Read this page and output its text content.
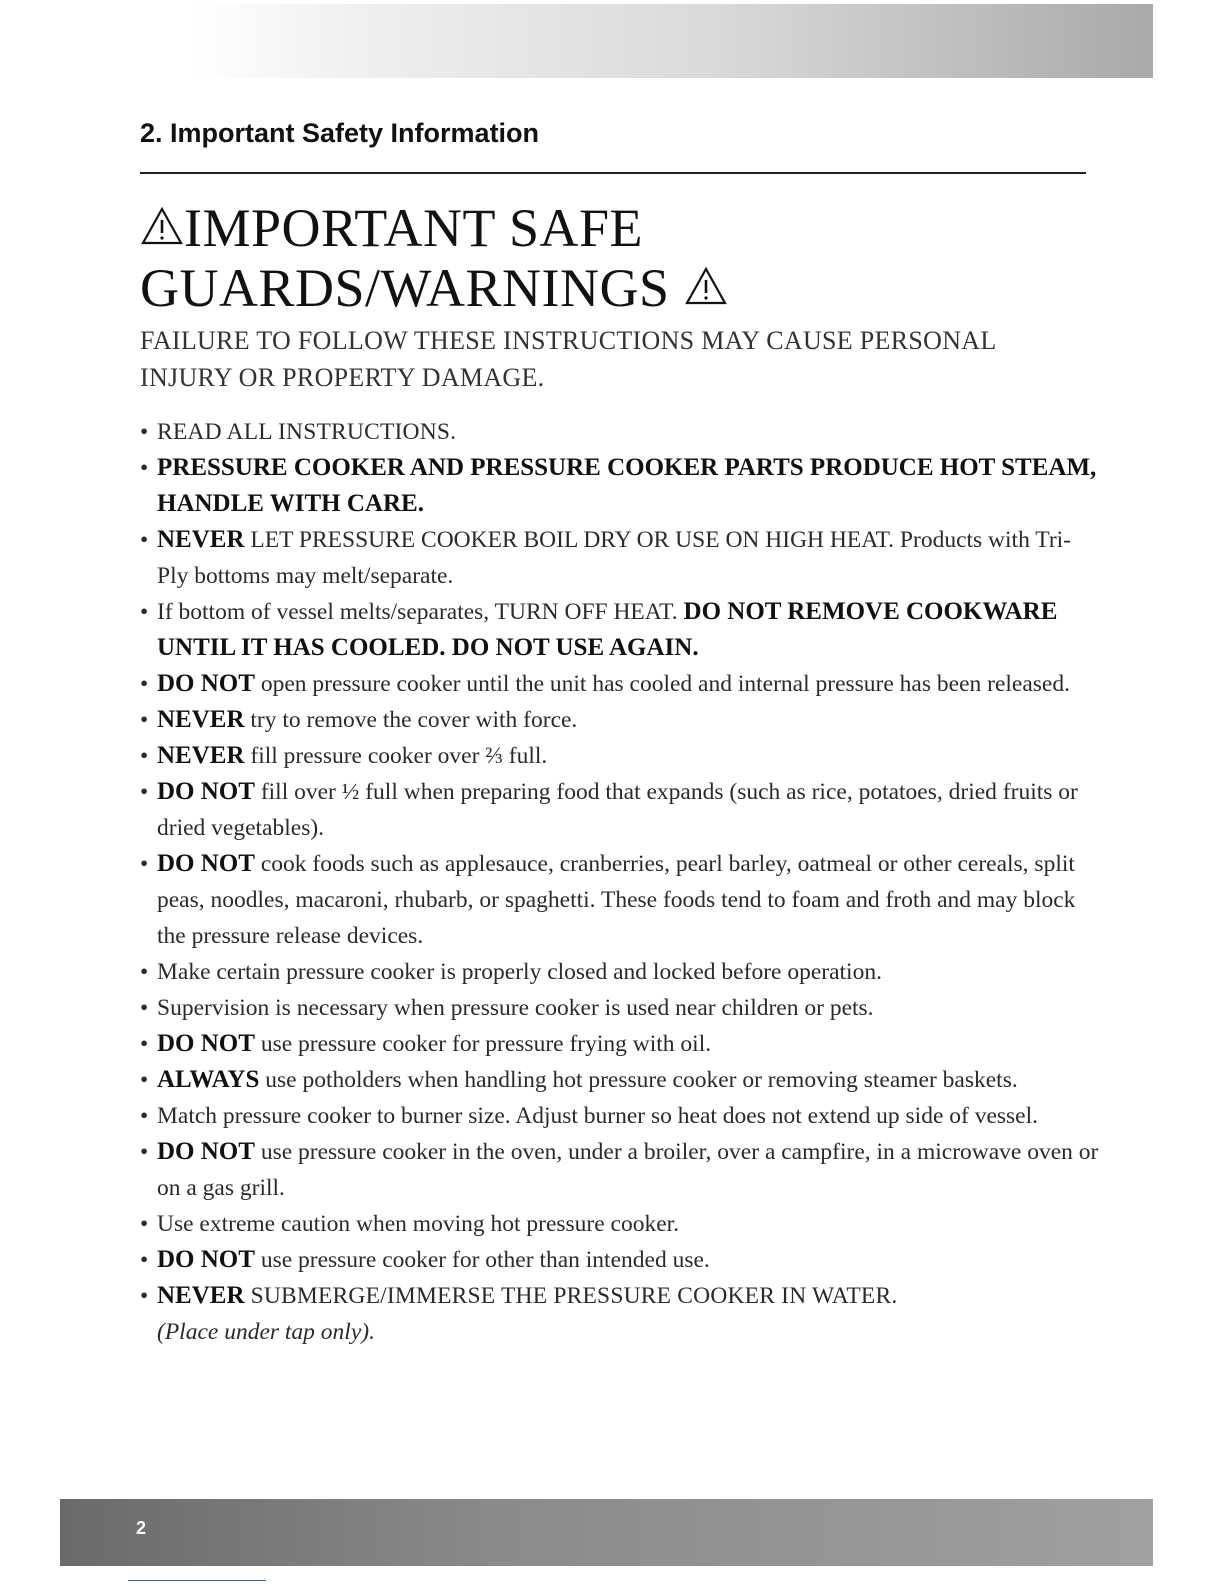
2. Important Safety Information
IMPORTANT SAFE
GUARDS/WARNINGS

FAILURE TO FOLLOW THESE INSTRUCTIONS MAY CAUSE PERSONAL INJURY OR PROPERTY DAMAGE.

• READ ALL INSTRUCTIONS.
• PRESSURE COOKER AND PRESSURE COOKER PARTS PRODUCE HOT STEAM, HANDLE WITH CARE.
• NEVER LET PRESSURE COOKER BOIL DRY OR USE ON HIGH HEAT. Products with Tri-Ply bottoms may melt/separate.
• If bottom of vessel melts/separates, TURN OFF HEAT. DO NOT REMOVE COOKWARE UNTIL IT HAS COOLED. DO NOT USE AGAIN.
• DO NOT open pressure cooker until the unit has cooled and internal pressure has been released.
• NEVER try to remove the cover with force.
• NEVER fill pressure cooker over ⅔ full.
• DO NOT fill over ½ full when preparing food that expands (such as rice, potatoes, dried fruits or dried vegetables).
• DO NOT cook foods such as applesauce, cranberries, pearl barley, oatmeal or other cereals, split peas, noodles, macaroni, rhubarb, or spaghetti. These foods tend to foam and froth and may block the pressure release devices.
• Make certain pressure cooker is properly closed and locked before operation.
• Supervision is necessary when pressure cooker is used near children or pets.
• DO NOT use pressure cooker for pressure frying with oil.
• ALWAYS use potholders when handling hot pressure cooker or removing steamer baskets.
• Match pressure cooker to burner size. Adjust burner so heat does not extend up side of vessel.
• DO NOT use pressure cooker in the oven, under a broiler, over a campfire, in a microwave oven or on a gas grill.
• Use extreme caution when moving hot pressure cooker.
• DO NOT use pressure cooker for other than intended use.
• NEVER SUBMERGE/IMMERSE THE PRESSURE COOKER IN WATER.
(Place under tap only).
2
